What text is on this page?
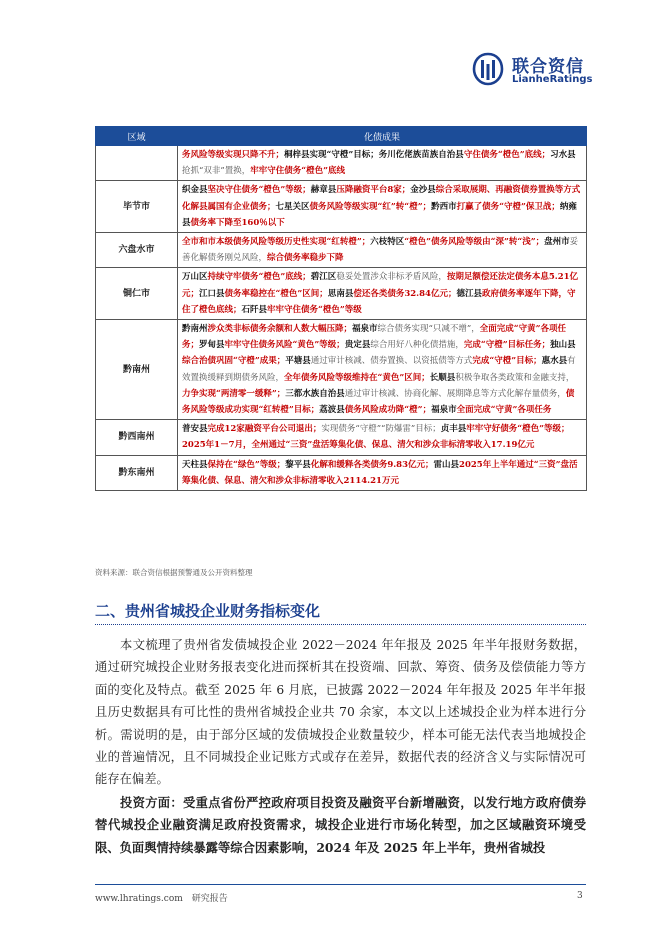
联合资信
LianheRatings
区域	化债成果
	务风险等级实现只降不升；桐梓县实现“守橙”目标；务川仡佬族苗族自治县守住债务“橙色”底线；习水县抢抓“双非”置换，牢牢守住债务“橙色”底线
毕节市	织金县坚决守住债务“橙色”等级；赫章县压降融资平台8家；金沙县综合采取展期、再融资债券置换等方式化解县属国有企业债务；七星关区债务风险等级实现“红”转“橙”；黔西市打赢了债务“守橙”保卫战；纳雍县债务率下降至160％以下
六盘水市	全市和市本级债务风险等级历史性实现“红转橙”；六枝特区“橙色”债务风险等级由“深”转“浅”；盘州市妥善化解债务刚兑风险，综合债务率稳步下降
铜仁市	万山区持续守牢债务“橙色”底线；碧江区稳妥处置涉众非标矛盾风险，按期足额偿还法定债务本息5.21亿元；江口县债务率稳控在“橙色”区间；思南县偿还各类债务32.84亿元；德江县政府债务率逐年下降，守住了橙色底线；石阡县牢牢守住债务“橙色”等级
黔南州	黔南州涉众类非标债务余额和人数大幅压降；福泉市综合债务实现“只减不增”，全面完成“守黄”各项任务；罗甸县牢牢守住债务风险“黄色”等级；贵定县综合用好八种化债措施，完成“守橙”目标任务；独山县综合治债巩固“守橙”成果；平塘县通过审计核减、债券置换、以资抵债等方式完成“守橙”目标；惠水县有效置换缓释到期债务风险，全年债务风险等级维持在“黄色”区间；长顺县积极争取各类政策和金融支持，力争实现“两清零一缓释”；三都水族自治县通过审计核减、协商化解、展期降息等方式化解存量债务，债务风险等级成功实现“红转橙”目标；荔波县债务风险成功降“橙”；福泉市全面完成“守黄”各项任务
黔西南州	普安县完成12家融资平台公司退出；实现债务“守橙”“防爆雷”目标；贞丰县牢牢守好债务“橙色”等级；2025年1－7月，全州通过“三资”盘活筹集化债、保息、清欠和涉众非标清零收入17.19亿元
黔东南州	天柱县保持在“绿色”等级；黎平县化解和缓释各类债务9.83亿元；雷山县2025年上半年通过“三资”盘活筹集化债、保息、清欠和涉众非标清零收入2114.21万元
资料来源：联合资信根据预警通及公开资料整理
二、贵州省城投企业财务指标变化

本文梳理了贵州省发债城投企业 2022－2024 年年报及 2025 年半年报财务数据，通过研究城投企业财务报表变化进而探析其在投资端、回款、筹资、债务及偿债能力等方面的变化及特点。截至 2025 年 6 月底，已披露 2022－2024 年年报及 2025 年半年报且历史数据具有可比性的贵州省城投企业共 70 余家，本文以上述城投企业为样本进行分析。需说明的是，由于部分区域的发债城投企业数量较少，样本可能无法代表当地城投企业的普遍情况，且不同城投企业记账方式或存在差异，数据代表的经济含义与实际情况可能存在偏差。

投资方面：受重点省份严控政府项目投资及融资平台新增融资，以发行地方政府债券替代城投企业融资满足政府投资需求，城投企业进行市场化转型，加之区域融资环境受限、负面舆情持续暴露等综合因素影响，2024 年及 2025 年上半年，贵州省城投

www.lhratings.com　研究报告	3
